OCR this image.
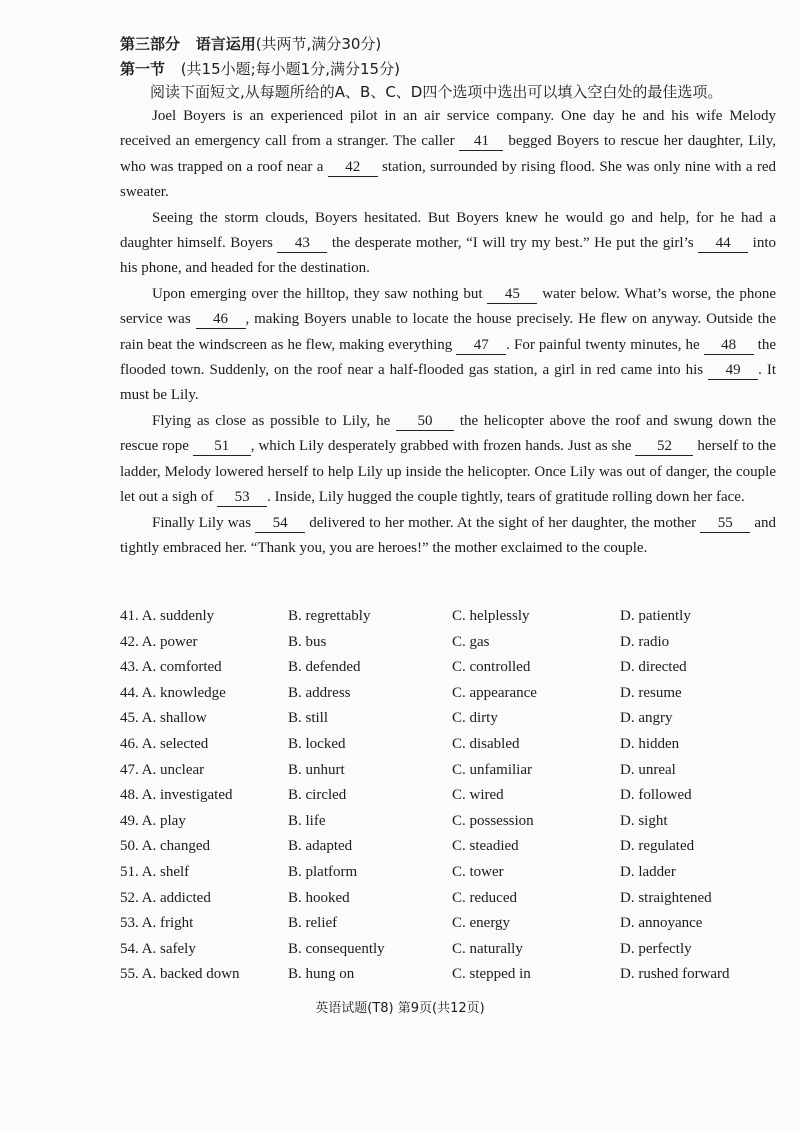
第三部分 语言运用(共两节,满分30分)
第一节 (共15小题;每小题1分,满分15分)
阅读下面短文,从每题所给的A、B、C、D四个选项中选出可以填入空白处的最佳选项。

Joel Boyers is an experienced pilot in an air service company. One day he and his wife Melody received an emergency call from a stranger. The caller 41 begged Boyers to rescue her daughter, Lily, who was trapped on a roof near a 42 station, surrounded by rising flood. She was only nine with a red sweater.

Seeing the storm clouds, Boyers hesitated. But Boyers knew he would go and help, for he had a daughter himself. Boyers 43 the desperate mother, “I will try my best.” He put the girl’s 44 into his phone, and headed for the destination.

Upon emerging over the hilltop, they saw nothing but 45 water below. What’s worse, the phone service was 46 , making Boyers unable to locate the house precisely. He flew on anyway. Outside the rain beat the windscreen as he flew, making everything 47 . For painful twenty minutes, he 48 the flooded town. Suddenly, on the roof near a half-flooded gas station, a girl in red came into his 49 . It must be Lily.

Flying as close as possible to Lily, he 50 the helicopter above the roof and swung down the rescue rope 51 , which Lily desperately grabbed with frozen hands. Just as she 52 herself to the ladder, Melody lowered herself to help Lily up inside the helicopter. Once Lily was out of danger, the couple let out a sigh of 53 . Inside, Lily hugged the couple tightly, tears of gratitude rolling down her face.

Finally Lily was 54 delivered to her mother. At the sight of her daughter, the mother 55 and tightly embraced her. “Thank you, you are heroes!” the mother exclaimed to the couple.

41. A. suddenly	B. regrettably	C. helplessly	D. patiently
42. A. power	B. bus	C. gas	D. radio
43. A. comforted	B. defended	C. controlled	D. directed
44. A. knowledge	B. address	C. appearance	D. resume
45. A. shallow	B. still	C. dirty	D. angry
46. A. selected	B. locked	C. disabled	D. hidden
47. A. unclear	B. unhurt	C. unfamiliar	D. unreal
48. A. investigated	B. circled	C. wired	D. followed
49. A. play	B. life	C. possession	D. sight
50. A. changed	B. adapted	C. steadied	D. regulated
51. A. shelf	B. platform	C. tower	D. ladder
52. A. addicted	B. hooked	C. reduced	D. straightened
53. A. fright	B. relief	C. energy	D. annoyance
54. A. safely	B. consequently	C. naturally	D. perfectly
55. A. backed down	B. hung on	C. stepped in	D. rushed forward
英语试题(T8) 第9页(共12页)
